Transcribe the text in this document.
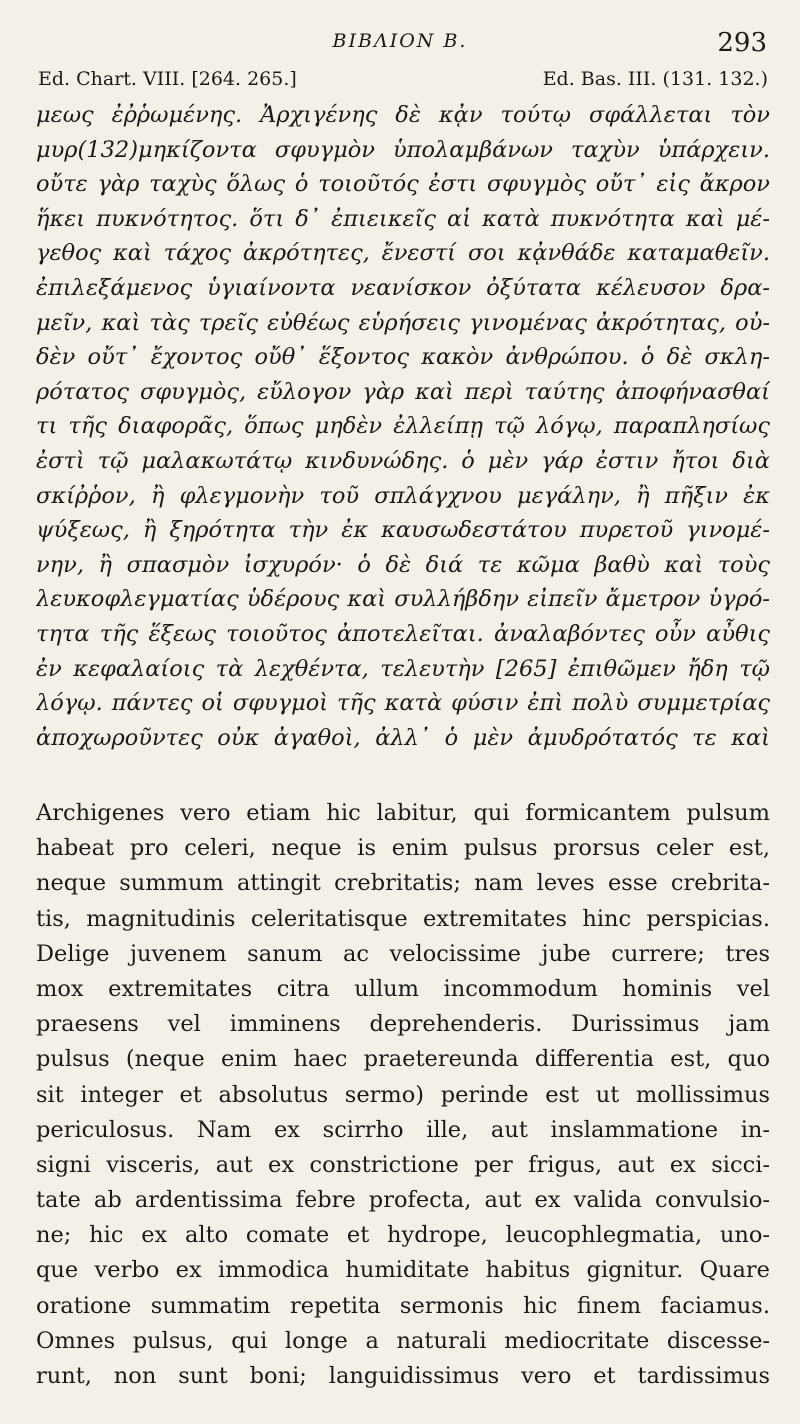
BIBΛΙΟΝ B.	293
Ed. Chart. VIII. [264. 265.]	Ed. Bas. III. (131. 132.)
μεως ἐῤῥωμένης. Ἀρχιγένης δὲ κᾀν τούτῳ σφάλλεται τὸν
μυρ(132)μηκίζοντα σφυγμὸν ὑπολαμβάνων ταχὺν ὑπάρχειν.
οὔτε γὰρ ταχὺς ὅλως ὁ τοιοῦτός ἐστι σφυγμὸς οὔτ᾽ εἰς ἄκρον
ἥκει πυκνότητος. ὅτι δ᾽ ἐπιεικεῖς αἱ κατὰ πυκνότητα καὶ μέ-
γεθος καὶ τάχος ἀκρότητες, ἔνεστί σοι κᾀνθάδε καταμαθεῖν.
ἐπιλεξάμενος ὑγιαίνοντα νεανίσκον ὀξύτατα κέλευσον δρα-
μεῖν, καὶ τὰς τρεῖς εὐθέως εὑρήσεις γινομένας ἀκρότητας, οὐ-
δὲν οὔτ᾽ ἔχοντος οὔθ᾽ ἕξοντος κακὸν ἀνθρώπου. ὁ δὲ σκλη-
ρότατος σφυγμὸς, εὔλογον γὰρ καὶ περὶ ταύτης ἀποφήνασθαί
τι τῆς διαφορᾶς, ὅπως μηδὲν ἐλλείπῃ τῷ λόγῳ, παραπλησίως
ἐστὶ τῷ μαλακωτάτῳ κινδυνώδης. ὁ μὲν γάρ ἐστιν ἤτοι διὰ
σκίῤῥον, ἢ φλεγμονὴν τοῦ σπλάγχνου μεγάλην, ἢ πῆξιν ἐκ
ψύξεως, ἢ ξηρότητα τὴν ἐκ καυσωδεστάτου πυρετοῦ γινομέ-
νην, ἢ σπασμὸν ἰσχυρόν· ὁ δὲ διά τε κῶμα βαθὺ καὶ τοὺς
λευκοφλεγματίας ὑδέρους καὶ συλλήβδην εἰπεῖν ἄμετρον ὑγρό-
τητα τῆς ἕξεως τοιοῦτος ἀποτελεῖται. ἀναλαβόντες οὖν αὖθις
ἐν κεφαλαίοις τὰ λεχθέντα, τελευτὴν [265] ἐπιθῶμεν ἤδη τῷ
λόγῳ. πάντες οἱ σφυγμοὶ τῆς κατὰ φύσιν ἐπὶ πολὺ συμμετρίας
ἀποχωροῦντες οὐκ ἀγαθοὶ, ἀλλ᾽ ὁ μὲν ἀμυδρότατός τε καὶ
Archigenes vero etiam hic labitur, qui formicantem pulsum
habeat pro celeri, neque is enim pulsus prorsus celer est,
neque summum attingit crebritatis; nam leves esse crebrita-
tis, magnitudinis celeritatisque extremitates hinc perspicias.
Delige juvenem sanum ac velocissime jube currere; tres
mox extremitates citra ullum incommodum hominis vel
praesens vel imminens deprehenderis. Durissimus jam
pulsus (neque enim haec praetereunda differentia est, quo
sit integer et absolutus sermo) perinde est ut mollissimus
periculosus. Nam ex scirrho ille, aut inslammatione in-
signi visceris, aut ex constrictione per frigus, aut ex sicci-
tate ab ardentissima febre profecta, aut ex valida convulsio-
ne; hic ex alto comate et hydrope, leucophlegmatia, uno-
que verbo ex immodica humiditate habitus gignitur. Quare
oratione summatim repetita sermonis hic finem faciamus.
Omnes pulsus, qui longe a naturali mediocritate discesse-
runt, non sunt boni; languidissimus vero et tardissimus
